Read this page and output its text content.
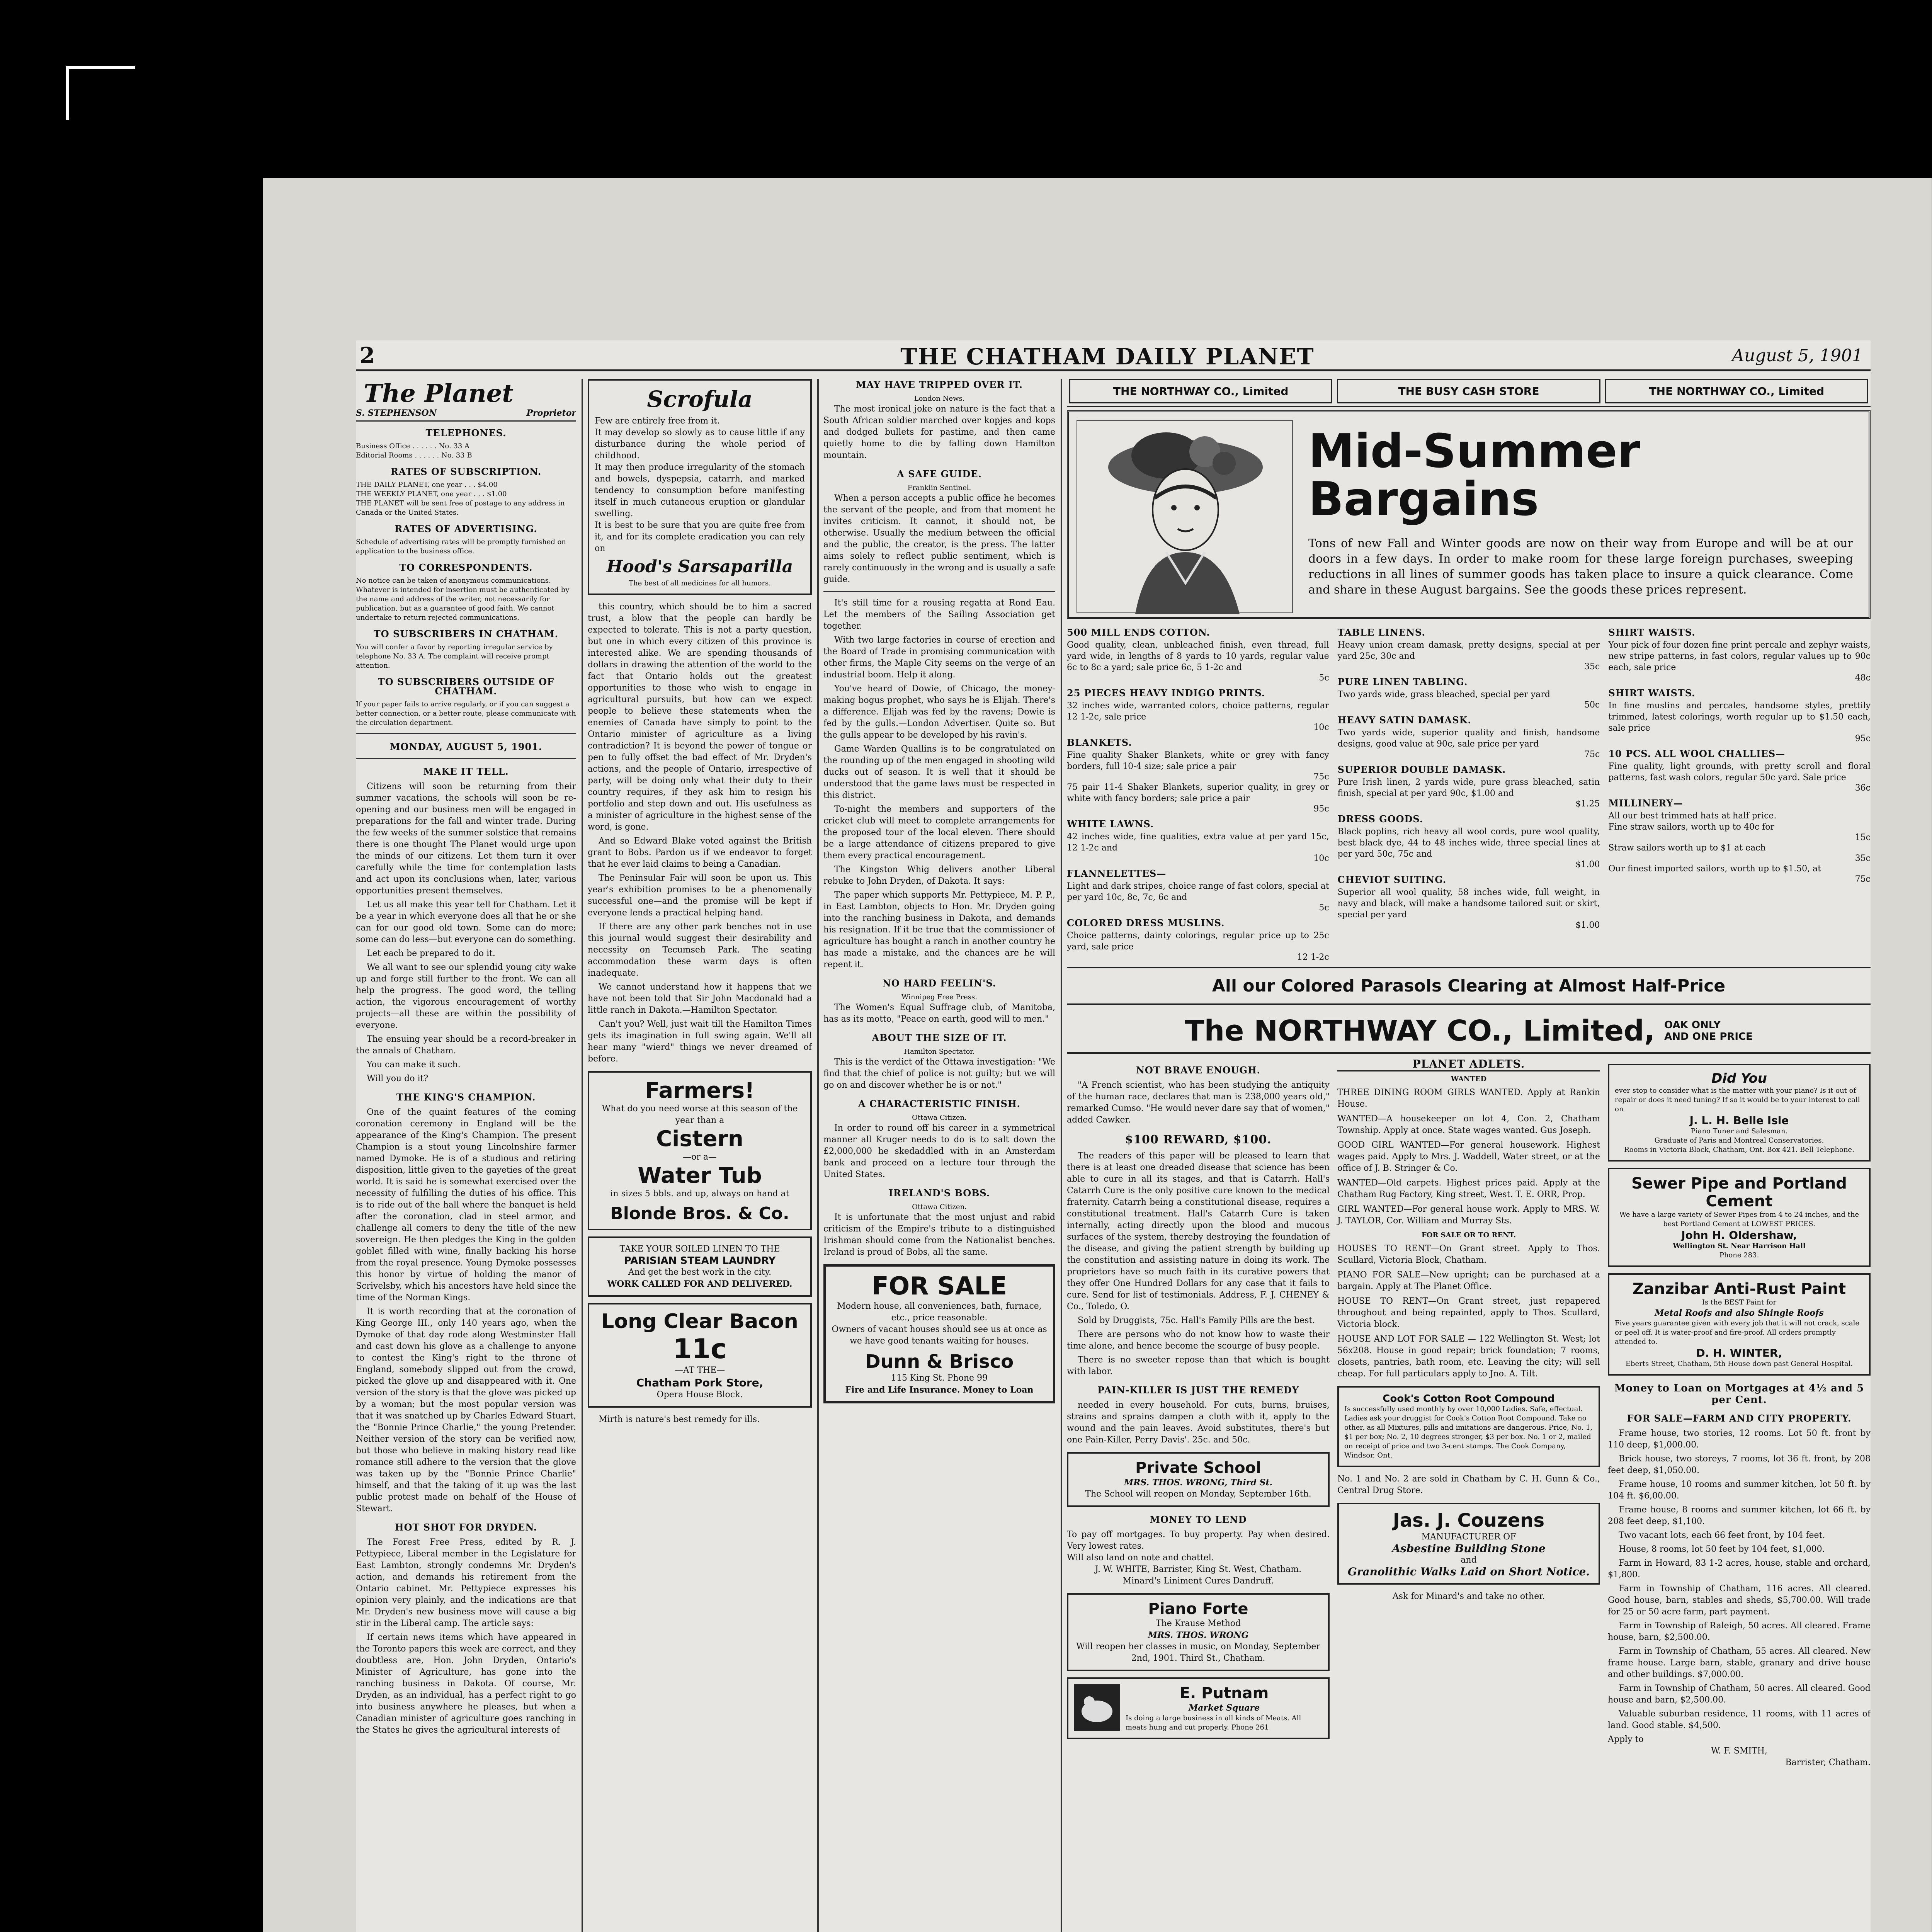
2	THE CHATHAM DAILY PLANET	August 5, 1901
The Planet
S. STEPHENSON	Proprietor
TELEPHONES.
Business Office . . . . . . No. 33 A
Editorial Rooms . . . . . . No. 33 B
RATES OF SUBSCRIPTION.
THE DAILY PLANET, one year . . . $4.00
THE WEEKLY PLANET, one year . . . $1.00
THE PLANET will be sent free of postage to any address in Canada or the United States.
RATES OF ADVERTISING.
Schedule of advertising rates will be promptly furnished on application to the business office.
TO CORRESPONDENTS.
No notice can be taken of anonymous communications. Whatever is intended for insertion must be authenticated by the name and address of the writer, not necessarily for publication, but as a guarantee of good faith. We cannot undertake to return rejected communications.
TO SUBSCRIBERS IN CHATHAM.
You will confer a favor by reporting irregular service by telephone No. 33 A. The complaint will receive prompt attention.
TO SUBSCRIBERS OUTSIDE OF CHATHAM.
If your paper fails to arrive regularly, or if you can suggest a better connection, or a better route, please communicate with the circulation department.
MONDAY, AUGUST 5, 1901.
MAKE IT TELL.
Citizens will soon be returning from their summer vacations, the schools will soon be re-opening and our business men will be engaged in preparations for the fall and winter trade. During the few weeks of the summer solstice that remains there is one thought The Planet would urge upon the minds of our citizens. Let them turn it over carefully while the time for contemplation lasts and act upon its conclusions when, later, various opportunities present themselves.
Let us all make this year tell for Chatham. Let it be a year in which everyone does all that he or she can for our good old town. Some can do more; some can do less—but everyone can do something.
Let each be prepared to do it.
We all want to see our splendid young city wake up and forge still further to the front. We can all help the progress. The good word, the telling action, the vigorous encouragement of worthy projects—all these are within the possibility of everyone.
The ensuing year should be a record-breaker in the annals of Chatham.
You can make it such.
Will you do it?
THE KING'S CHAMPION.
One of the quaint features of the coming coronation ceremony in England will be the appearance of the King's Champion. The present Champion is a stout young Lincolnshire farmer named Dymoke. He is of a studious and retiring disposition, little given to the gayeties of the great world. It is said he is somewhat exercised over the necessity of fulfilling the duties of his office. This is to ride out of the hall where the banquet is held after the coronation, clad in steel armor, and challenge all comers to deny the title of the new sovereign. He then pledges the King in the golden goblet filled with wine, finally backing his horse from the royal presence. Young Dymoke possesses this honor by virtue of holding the manor of Scrivelsby, which his ancestors have held since the time of the Norman Kings.
It is worth recording that at the coronation of King George III., only 140 years ago, when the Dymoke of that day rode along Westminster Hall and cast down his glove as a challenge to anyone to contest the King's right to the throne of England, somebody slipped out from the crowd, picked the glove up and disappeared with it. One version of the story is that the glove was picked up by a woman; but the most popular version was that it was snatched up by Charles Edward Stuart, the "Bonnie Prince Charlie," the young Pretender. Neither version of the story can be verified now, but those who believe in making history read like romance still adhere to the version that the glove was taken up by the "Bonnie Prince Charlie" himself, and that the taking of it up was the last public protest made on behalf of the House of Stewart.
HOT SHOT FOR DRYDEN.
The Forest Free Press, edited by R. J. Pettypiece, Liberal member in the Legislature for East Lambton, strongly condemns Mr. Dryden's action, and demands his retirement from the Ontario cabinet. Mr. Pettypiece expresses his opinion very plainly, and the indications are that Mr. Dryden's new business move will cause a big stir in the Liberal camp. The article says:
If certain news items which have appeared in the Toronto papers this week are correct, and they doubtless are, Hon. John Dryden, Ontario's Minister of Agriculture, has gone into the ranching business in Dakota. Of course, Mr. Dryden, as an individual, has a perfect right to go into business anywhere he pleases, but when a Canadian minister of agriculture goes ranching in the States he gives the agricultural interests of
Scrofula
Few are entirely free from it.
It may develop so slowly as to cause little if any disturbance during the whole period of childhood.
It may then produce irregularity of the stomach and bowels, dyspepsia, catarrh, and marked tendency to consumption before manifesting itself in much cutaneous eruption or glandular swelling.
It is best to be sure that you are quite free from it, and for its complete eradication you can rely on
Hood's Sarsaparilla
The best of all medicines for all humors.
this country, which should be to him a sacred trust, a blow that the people can hardly be expected to tolerate. This is not a party question, but one in which every citizen of this province is interested alike. We are spending thousands of dollars in drawing the attention of the world to the fact that Ontario holds out the greatest opportunities to those who wish to engage in agricultural pursuits, but how can we expect people to believe these statements when the enemies of Canada have simply to point to the Ontario minister of agriculture as a living contradiction? It is beyond the power of tongue or pen to fully offset the bad effect of Mr. Dryden's actions, and the people of Ontario, irrespective of party, will be doing only what their duty to their country requires, if they ask him to resign his portfolio and step down and out. His usefulness as a minister of agriculture in the highest sense of the word, is gone.
And so Edward Blake voted against the British grant to Bobs. Pardon us if we endeavor to forget that he ever laid claims to being a Canadian.
The Peninsular Fair will soon be upon us. This year's exhibition promises to be a phenomenally successful one—and the promise will be kept if everyone lends a practical helping hand.
If there are any other park benches not in use this journal would suggest their desirability and necessity on Tecumseh Park. The seating accommodation these warm days is often inadequate.
We cannot understand how it happens that we have not been told that Sir John Macdonald had a little ranch in Dakota.—Hamilton Spectator.
Can't you? Well, just wait till the Hamilton Times gets its imagination in full swing again. We'll all hear many "wierd" things we never dreamed of before.
Farmers!
What do you need worse at this season of the year than a
Cistern
—or a—
Water Tub
in sizes 5 bbls. and up, always on hand at
Blonde Bros. & Co.
TAKE YOUR SOILED LINEN TO THE
PARISIAN STEAM LAUNDRY
And get the best work in the city.
WORK CALLED FOR AND DELIVERED.
Long Clear Bacon
11c
—AT THE—
Chatham Pork Store,
Opera House Block.
Mirth is nature's best remedy for ills.
MAY HAVE TRIPPED OVER IT.
London News.
The most ironical joke on nature is the fact that a South African soldier marched over kopjes and kops and dodged bullets for pastime, and then came quietly home to die by falling down Hamilton mountain.
A SAFE GUIDE.
Franklin Sentinel.
When a person accepts a public office he becomes the servant of the people, and from that moment he invites criticism. It cannot, it should not, be otherwise. Usually the medium between the official and the public, the creator, is the press. The latter aims solely to reflect public sentiment, which is rarely continuously in the wrong and is usually a safe guide.
It's still time for a rousing regatta at Rond Eau. Let the members of the Sailing Association get together.
With two large factories in course of erection and the Board of Trade in promising communication with other firms, the Maple City seems on the verge of an industrial boom. Help it along.
You've heard of Dowie, of Chicago, the money-making bogus prophet, who says he is Elijah. There's a difference. Elijah was fed by the ravens; Dowie is fed by the gulls.—London Advertiser. Quite so. But the gulls appear to be developed by his ravin's.
Game Warden Quallins is to be congratulated on the rounding up of the men engaged in shooting wild ducks out of season. It is well that it should be understood that the game laws must be respected in this district.
To-night the members and supporters of the cricket club will meet to complete arrangements for the proposed tour of the local eleven. There should be a large attendance of citizens prepared to give them every practical encouragement.
The Kingston Whig delivers another Liberal rebuke to John Dryden, of Dakota. It says:
The paper which supports Mr. Pettypiece, M. P. P., in East Lambton, objects to Hon. Mr. Dryden going into the ranching business in Dakota, and demands his resignation. If it be true that the commissioner of agriculture has bought a ranch in another country he has made a mistake, and the chances are he will repent it.
NO HARD FEELIN'S.
Winnipeg Free Press.
The Women's Equal Suffrage club, of Manitoba, has as its motto, "Peace on earth, good will to men."
ABOUT THE SIZE OF IT.
Hamilton Spectator.
This is the verdict of the Ottawa investigation: "We find that the chief of police is not guilty; but we will go on and discover whether he is or not."
A CHARACTERISTIC FINISH.
Ottawa Citizen.
In order to round off his career in a symmetrical manner all Kruger needs to do is to salt down the £2,000,000 he skedaddled with in an Amsterdam bank and proceed on a lecture tour through the United States.
IRELAND'S BOBS.
Ottawa Citizen.
It is unfortunate that the most unjust and rabid criticism of the Empire's tribute to a distinguished Irishman should come from the Nationalist benches. Ireland is proud of Bobs, all the same.
FOR SALE
Modern house, all conveniences, bath, furnace, etc., price reasonable.
Owners of vacant houses should see us at once as we have good tenants waiting for houses.
Dunn & Brisco
115 King St. Phone 99
Fire and Life Insurance. Money to Loan
THE NORTHWAY CO., Limited	THE BUSY CASH STORE	THE NORTHWAY CO., Limited
Mid-Summer Bargains
Tons of new Fall and Winter goods are now on their way from Europe and will be at our doors in a few days. In order to make room for these large foreign purchases, sweeping reductions in all lines of summer goods has taken place to insure a quick clearance. Come and share in these August bargains. See the goods these prices represent.
500 MILL ENDS COTTON.
Good quality, clean, unbleached finish, even thread, full yard wide, in lengths of 8 yards to 10 yards, regular value 6c to 8c a yard; sale price 6c, 5 1-2c and
5c
25 PIECES HEAVY INDIGO PRINTS.
32 inches wide, warranted colors, choice patterns, regular 12 1-2c, sale price
10c
BLANKETS.
Fine quality Shaker Blankets, white or grey with fancy borders, full 10-4 size; sale price a pair
75c
75 pair 11-4 Shaker Blankets, superior quality, in grey or white with fancy borders; sale price a pair
95c
WHITE LAWNS.
42 inches wide, fine qualities, extra value at per yard 15c, 12 1-2c and
10c
FLANNELETTES—
Light and dark stripes, choice range of fast colors, special at per yard 10c, 8c, 7c, 6c and
5c
COLORED DRESS MUSLINS.
Choice patterns, dainty colorings, regular price up to 25c yard, sale price
12 1-2c
TABLE LINENS.
Heavy union cream damask, pretty designs, special at per yard 25c, 30c and
35c
PURE LINEN TABLING.
Two yards wide, grass bleached, special per yard
50c
HEAVY SATIN DAMASK.
Two yards wide, superior quality and finish, handsome designs, good value at 90c, sale price per yard
75c
SUPERIOR DOUBLE DAMASK.
Pure Irish linen, 2 yards wide, pure grass bleached, satin finish, special at per yard 90c, $1.00 and
$1.25
DRESS GOODS.
Black poplins, rich heavy all wool cords, pure wool quality, best black dye, 44 to 48 inches wide, three special lines at per yard 50c, 75c and
$1.00
CHEVIOT SUITING.
Superior all wool quality, 58 inches wide, full weight, in navy and black, will make a handsome tailored suit or skirt, special per yard
$1.00
SHIRT WAISTS.
Your pick of four dozen fine print percale and zephyr waists, new stripe patterns, in fast colors, regular values up to 90c each, sale price
48c
SHIRT WAISTS.
In fine muslins and percales, handsome styles, prettily trimmed, latest colorings, worth regular up to $1.50 each, sale price
95c
10 PCS. ALL WOOL CHALLIES—
Fine quality, light grounds, with pretty scroll and floral patterns, fast wash colors, regular 50c yard. Sale price
36c
MILLINERY—
All our best trimmed hats at half price.
Fine straw sailors, worth up to 40c for
15c
Straw sailors worth up to $1 at each
35c
Our finest imported sailors, worth up to $1.50, at
75c
All our Colored Parasols Clearing at Almost Half-Price
The NORTHWAY CO., Limited, OAK ONLY
AND ONE PRICE
NOT BRAVE ENOUGH.
"A French scientist, who has been studying the antiquity of the human race, declares that man is 238,000 years old," remarked Cumso. "He would never dare say that of women," added Cawker.
$100 REWARD, $100.
The readers of this paper will be pleased to learn that there is at least one dreaded disease that science has been able to cure in all its stages, and that is Catarrh. Hall's Catarrh Cure is the only positive cure known to the medical fraternity. Catarrh being a constitutional disease, requires a constitutional treatment. Hall's Catarrh Cure is taken internally, acting directly upon the blood and mucous surfaces of the system, thereby destroying the foundation of the disease, and giving the patient strength by building up the constitution and assisting nature in doing its work. The proprietors have so much faith in its curative powers that they offer One Hundred Dollars for any case that it fails to cure. Send for list of testimonials. Address, F. J. CHENEY & Co., Toledo, O.
Sold by Druggists, 75c. Hall's Family Pills are the best.
There are persons who do not know how to waste their time alone, and hence become the scourge of busy people.
There is no sweeter repose than that which is bought with labor.
PAIN-KILLER IS JUST THE REMEDY
needed in every household. For cuts, burns, bruises, strains and sprains dampen a cloth with it, apply to the wound and the pain leaves. Avoid substitutes, there's but one Pain-Killer, Perry Davis'. 25c. and 50c.
Private School
MRS. THOS. WRONG, Third St.
The School will reopen on Monday, September 16th.
MONEY TO LEND
To pay off mortgages. To buy property. Pay when desired. Very lowest rates.
Will also land on note and chattel.
J. W. WHITE, Barrister, King St. West, Chatham.
Minard's Liniment Cures Dandruff.
Piano Forte
The Krause Method
MRS. THOS. WRONG
Will reopen her classes in music, on Monday, September 2nd, 1901. Third St., Chatham.
E. Putnam
Market Square
Is doing a large business in all kinds of Meats. All meats hung and cut properly. Phone 261
PLANET ADLETS.
WANTED
THREE DINING ROOM GIRLS WANTED. Apply at Rankin House.
WANTED—A housekeeper on lot 4, Con. 2, Chatham Township. Apply at once. State wages wanted. Gus Joseph.
GOOD GIRL WANTED—For general housework. Highest wages paid. Apply to Mrs. J. Waddell, Water street, or at the office of J. B. Stringer & Co.
WANTED—Old carpets. Highest prices paid. Apply at the Chatham Rug Factory, King street, West. T. E. ORR, Prop.
GIRL WANTED—For general house work. Apply to MRS. W. J. TAYLOR, Cor. William and Murray Sts.
FOR SALE OR TO RENT.
HOUSES TO RENT—On Grant street. Apply to Thos. Scullard, Victoria Block, Chatham.
PIANO FOR SALE—New upright; can be purchased at a bargain. Apply at The Planet Office.
HOUSE TO RENT—On Grant street, just repapered throughout and being repainted, apply to Thos. Scullard, Victoria block.
HOUSE AND LOT FOR SALE — 122 Wellington St. West; lot 56x208. House in good repair; brick foundation; 7 rooms, closets, pantries, bath room, etc. Leaving the city; will sell cheap. For full particulars apply to Jno. A. Tilt.
Cook's Cotton Root Compound
Is successfully used monthly by over 10,000 Ladies. Safe, effectual. Ladies ask your druggist for Cook's Cotton Root Compound. Take no other, as all Mixtures, pills and imitations are dangerous. Price, No. 1, $1 per box; No. 2, 10 degrees stronger, $3 per box. No. 1 or 2, mailed on receipt of price and two 3-cent stamps. The Cook Company, Windsor, Ont.
No. 1 and No. 2 are sold in Chatham by C. H. Gunn & Co., Central Drug Store.
Jas. J. Couzens
MANUFACTURER OF
Asbestine Building Stone
and
Granolithic Walks Laid on Short Notice.
Ask for Minard's and take no other.
Did You
ever stop to consider what is the matter with your piano? Is it out of repair or does it need tuning? If so it would be to your interest to call on
J. L. H. Belle Isle
Piano Tuner and Salesman.
Graduate of Paris and Montreal Conservatories.
Rooms in Victoria Block, Chatham, Ont. Box 421. Bell Telephone.
Sewer Pipe and Portland Cement
We have a large variety of Sewer Pipes from 4 to 24 inches, and the best Portland Cement at LOWEST PRICES.
John H. Oldershaw,
Wellington St. Near Harrison Hall
Phone 283.
Zanzibar Anti-Rust Paint
Is the BEST Paint for
Metal Roofs and also Shingle Roofs
Five years guarantee given with every job that it will not crack, scale or peel off. It is water-proof and fire-proof. All orders promptly attended to.
D. H. WINTER,
Eberts Street, Chatham, 5th House down past General Hospital.
Money to Loan on Mortgages at 4½ and 5 per Cent.
FOR SALE—FARM AND CITY PROPERTY.
Frame house, two stories, 12 rooms. Lot 50 ft. front by 110 deep, $1,000.00.
Brick house, two storeys, 7 rooms, lot 36 ft. front, by 208 feet deep, $1,050.00.
Frame house, 10 rooms and summer kitchen, lot 50 ft. by 104 ft. $6,00.00.
Frame house, 8 rooms and summer kitchen, lot 66 ft. by 208 feet deep, $1,100.
Two vacant lots, each 66 feet front, by 104 feet.
House, 8 rooms, lot 50 feet by 104 feet, $1,000.
Farm in Howard, 83 1-2 acres, house, stable and orchard, $1,800.
Farm in Township of Chatham, 116 acres. All cleared. Good house, barn, stables and sheds, $5,700.00. Will trade for 25 or 50 acre farm, part payment.
Farm in Township of Raleigh, 50 acres. All cleared. Frame house, barn, $2,500.00.
Farm in Township of Chatham, 55 acres. All cleared. New frame house. Large barn, stable, granary and drive house and other buildings. $7,000.00.
Farm in Township of Chatham, 50 acres. All cleared. Good house and barn, $2,500.00.
Valuable suburban residence, 11 rooms, with 11 acres of land. Good stable. $4,500.
Apply to
W. F. SMITH,
Barrister, Chatham.
